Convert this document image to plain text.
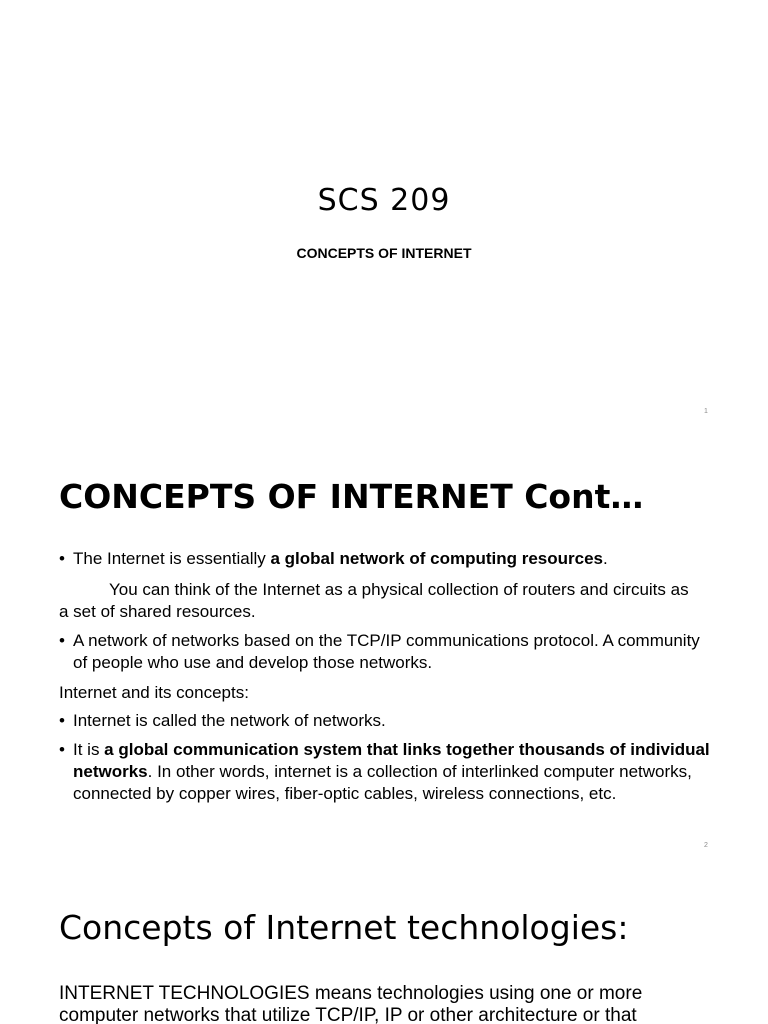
SCS 209
CONCEPTS OF INTERNET
1
CONCEPTS OF INTERNET Cont…
• The Internet is essentially a global network of computing resources.
You can think of the Internet as a physical collection of routers and circuits as a set of shared resources.
• A network of networks based on the TCP/IP communications protocol. A community of people who use and develop those networks.
Internet and its concepts:
• Internet is called the network of networks.
• It is a global communication system that links together thousands of individual networks. In other words, internet is a collection of interlinked computer networks, connected by copper wires, fiber-optic cables, wireless connections, etc.
2
Concepts of Internet technologies:
INTERNET TECHNOLOGIES means technologies using one or more computer networks that utilize TCP/IP, IP or other architecture or that
